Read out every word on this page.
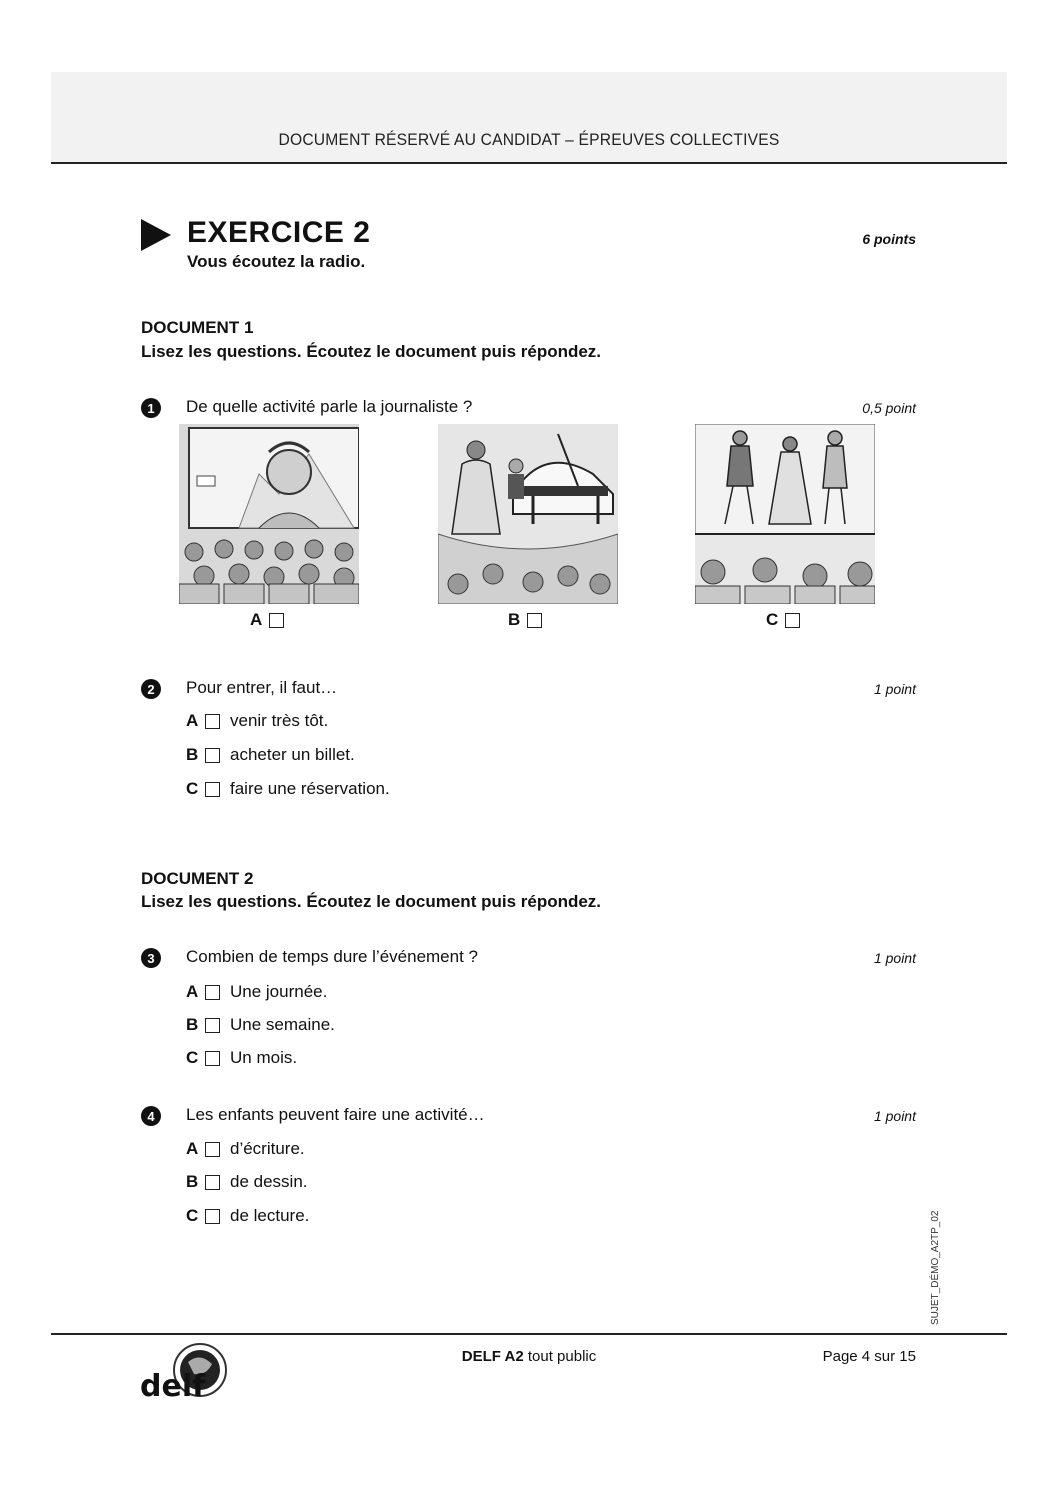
DOCUMENT RÉSERVÉ AU CANDIDAT – ÉPREUVES COLLECTIVES
EXERCICE 2
Vous écoutez la radio.
6 points
DOCUMENT 1
Lisez les questions. Écoutez le document puis répondez.
1	De quelle activité parle la journaliste ?	0,5 point
A	B	C
2	Pour entrer, il faut…	1 point
A	venir très tôt.
B	acheter un billet.
C	faire une réservation.
DOCUMENT 2
Lisez les questions. Écoutez le document puis répondez.
3	Combien de temps dure l’événement ?	1 point
A	Une journée.
B	Une semaine.
C	Un mois.
4	Les enfants peuvent faire une activité…	1 point
A	d’écriture.
B	de dessin.
C	de lecture.	SUJET_DÉMO_A2TP_02
delf
DELF A2 tout public	Page 4 sur 15
